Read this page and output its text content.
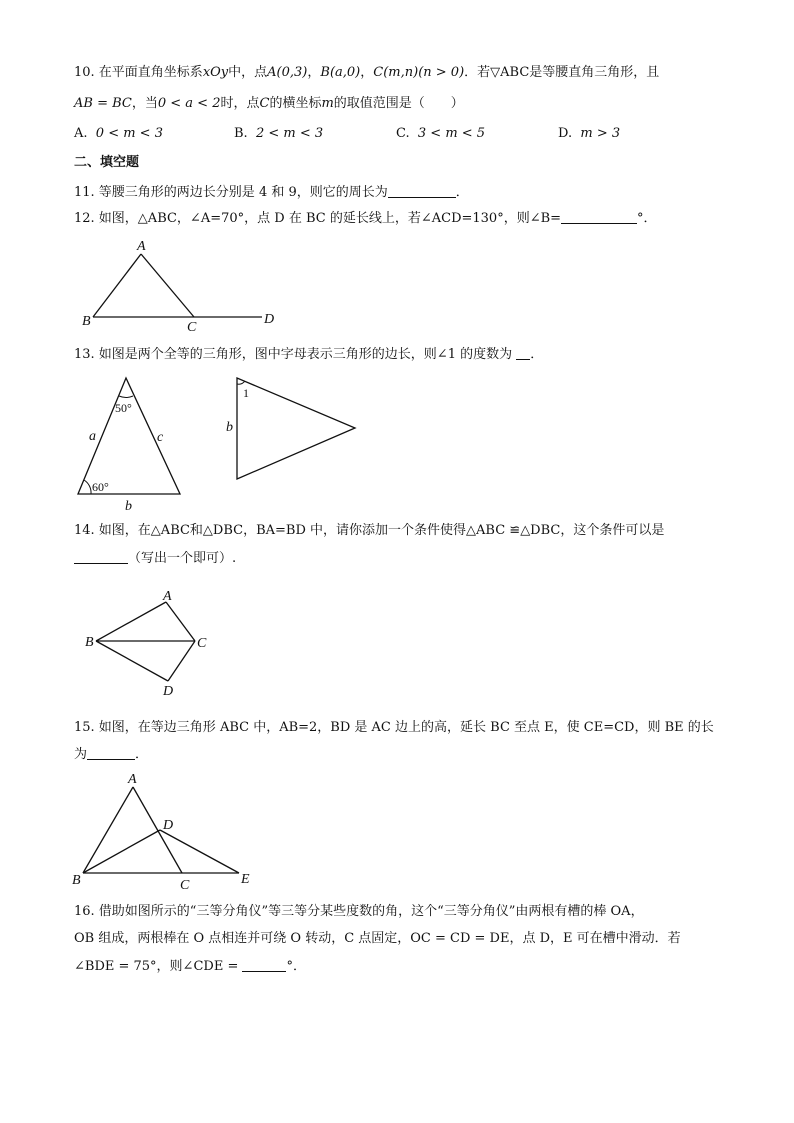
10. 在平面直角坐标系xOy中，点A(0,3)，B(a,0)，C(m,n)(n > 0)．若▽ABC是等腰直角三角形，且
AB = BC，当0 < a < 2时，点C的横坐标m的取值范围是（　　）
A. 0 < m < 3	B. 2 < m < 3	C. 3 < m < 5	D. m > 3
二、填空题
11. 等腰三角形的两边长分别是 4 和 9，则它的周长为	．
12. 如图，△ABC，∠A=70°，点 D 在 BC 的延长线上，若∠ACD=130°，则∠B=	°．
A
B	C
D
50°
60°
a	c
b
1
b
A
B	C
D
A
B	C
D
E
13. 如图是两个全等的三角形，图中字母表示三角形的边长，则∠1 的度数为 ．
14. 如图，在△ABC和△DBC，BA=BD 中，请你添加一个条件使得△ABC ≌△DBC，这个条件可以是
（写出一个即可）.
15. 如图，在等边三角形 ABC 中，AB=2，BD 是 AC 边上的高，延长 BC 至点 E，使 CE=CD，则 BE 的长
为	．
16. 借助如图所示的“三等分角仪”等三等分某些度数的角，这个“三等分角仪”由两根有槽的棒 OA，
OB 组成，两根棒在 O 点相连并可绕 O 转动，C 点固定，OC = CD = DE，点 D，E 可在槽中滑动．若
∠BDE = 75°，则∠CDE =	°．
